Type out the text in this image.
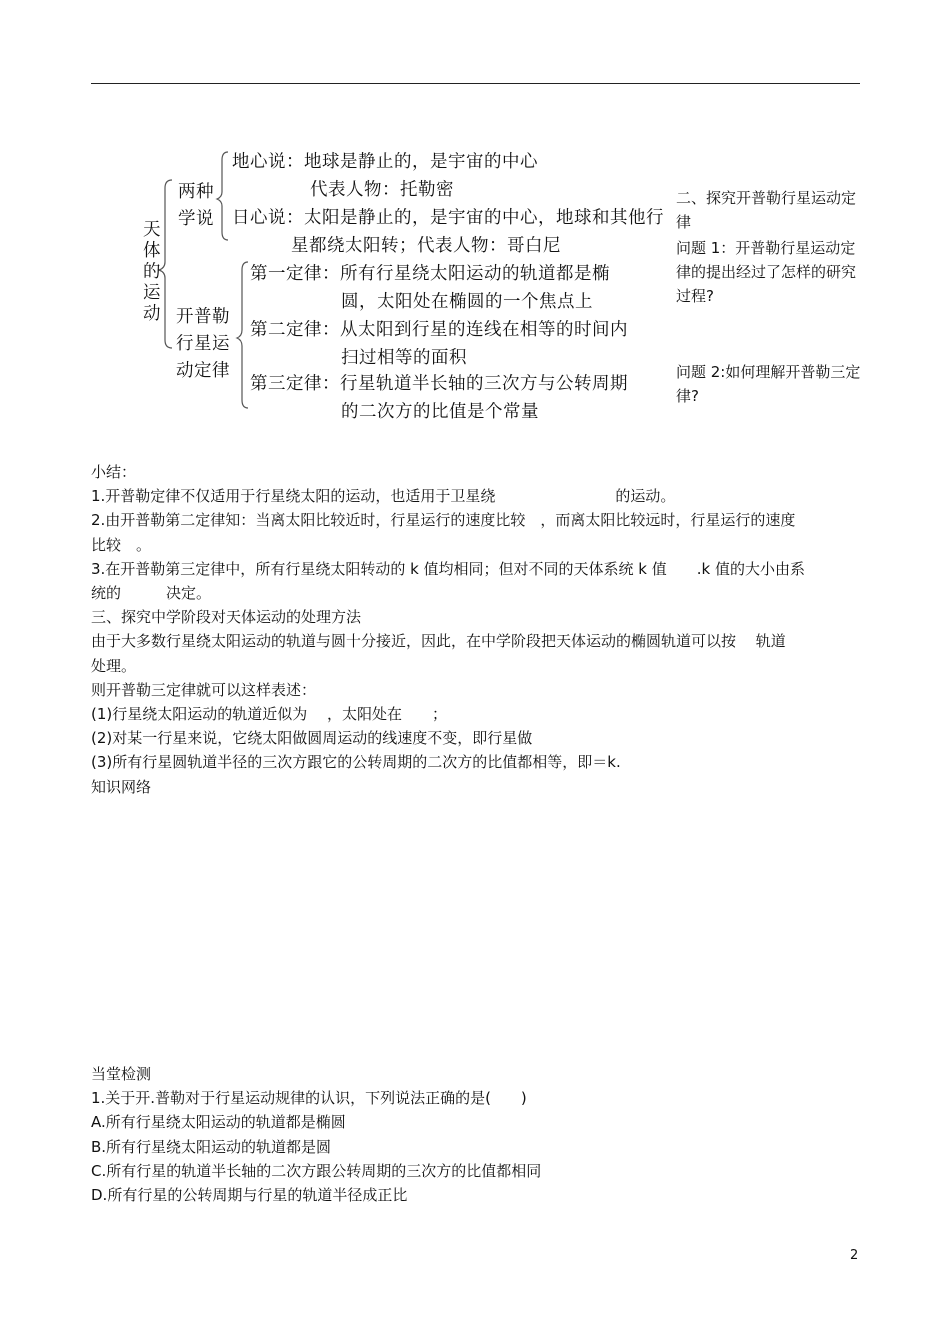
天
体
的
运
动
两种
学说
地心说：地球是静止的，是宇宙的中心
代表人物：托勒密
日心说：太阳是静止的，是宇宙的中心，地球和其他行
星都绕太阳转；代表人物：哥白尼
开普勒
行星运
动定律
第一定律：所有行星绕太阳运动的轨道都是椭
圆，太阳处在椭圆的一个焦点上
第二定律：从太阳到行星的连线在相等的时间内
扫过相等的面积
第三定律：行星轨道半长轴的三次方与公转周期
的二次方的比值是个常量
二、探究开普勒行星运动定律
问题 1：开普勒行星运动定律的提出经过了怎样的研究过程?
问题 2:如何理解开普勒三定律?
小结：
1.开普勒定律不仅适用于行星绕太阳的运动，也适用于卫星绕　　　　　　　　的运动。
2.由开普勒第二定律知：当离太阳比较近时，行星运行的速度比较　，而离太阳比较远时，行星运行的速度
比较　。
3.在开普勒第三定律中，所有行星绕太阳转动的 k 值均相同；但对不同的天体系统 k 值　　.k 值的大小由系
统的　　　决定。
三、探究中学阶段对天体运动的处理方法
由于大多数行星绕太阳运动的轨道与圆十分接近，因此，在中学阶段把天体运动的椭圆轨道可以按　 轨道
处理。
则开普勒三定律就可以这样表述：
(1)行星绕太阳运动的轨道近似为　 ，太阳处在　　；
(2)对某一行星来说，它绕太阳做圆周运动的线速度不变，即行星做
(3)所有行星圆轨道半径的三次方跟它的公转周期的二次方的比值都相等，即＝k.
知识网络
当堂检测
1.关于开.普勒对于行星运动规律的认识，下列说法正确的是(　　)
A.所有行星绕太阳运动的轨道都是椭圆
B.所有行星绕太阳运动的轨道都是圆
C.所有行星的轨道半长轴的二次方跟公转周期的三次方的比值都相同
D.所有行星的公转周期与行星的轨道半径成正比
2
